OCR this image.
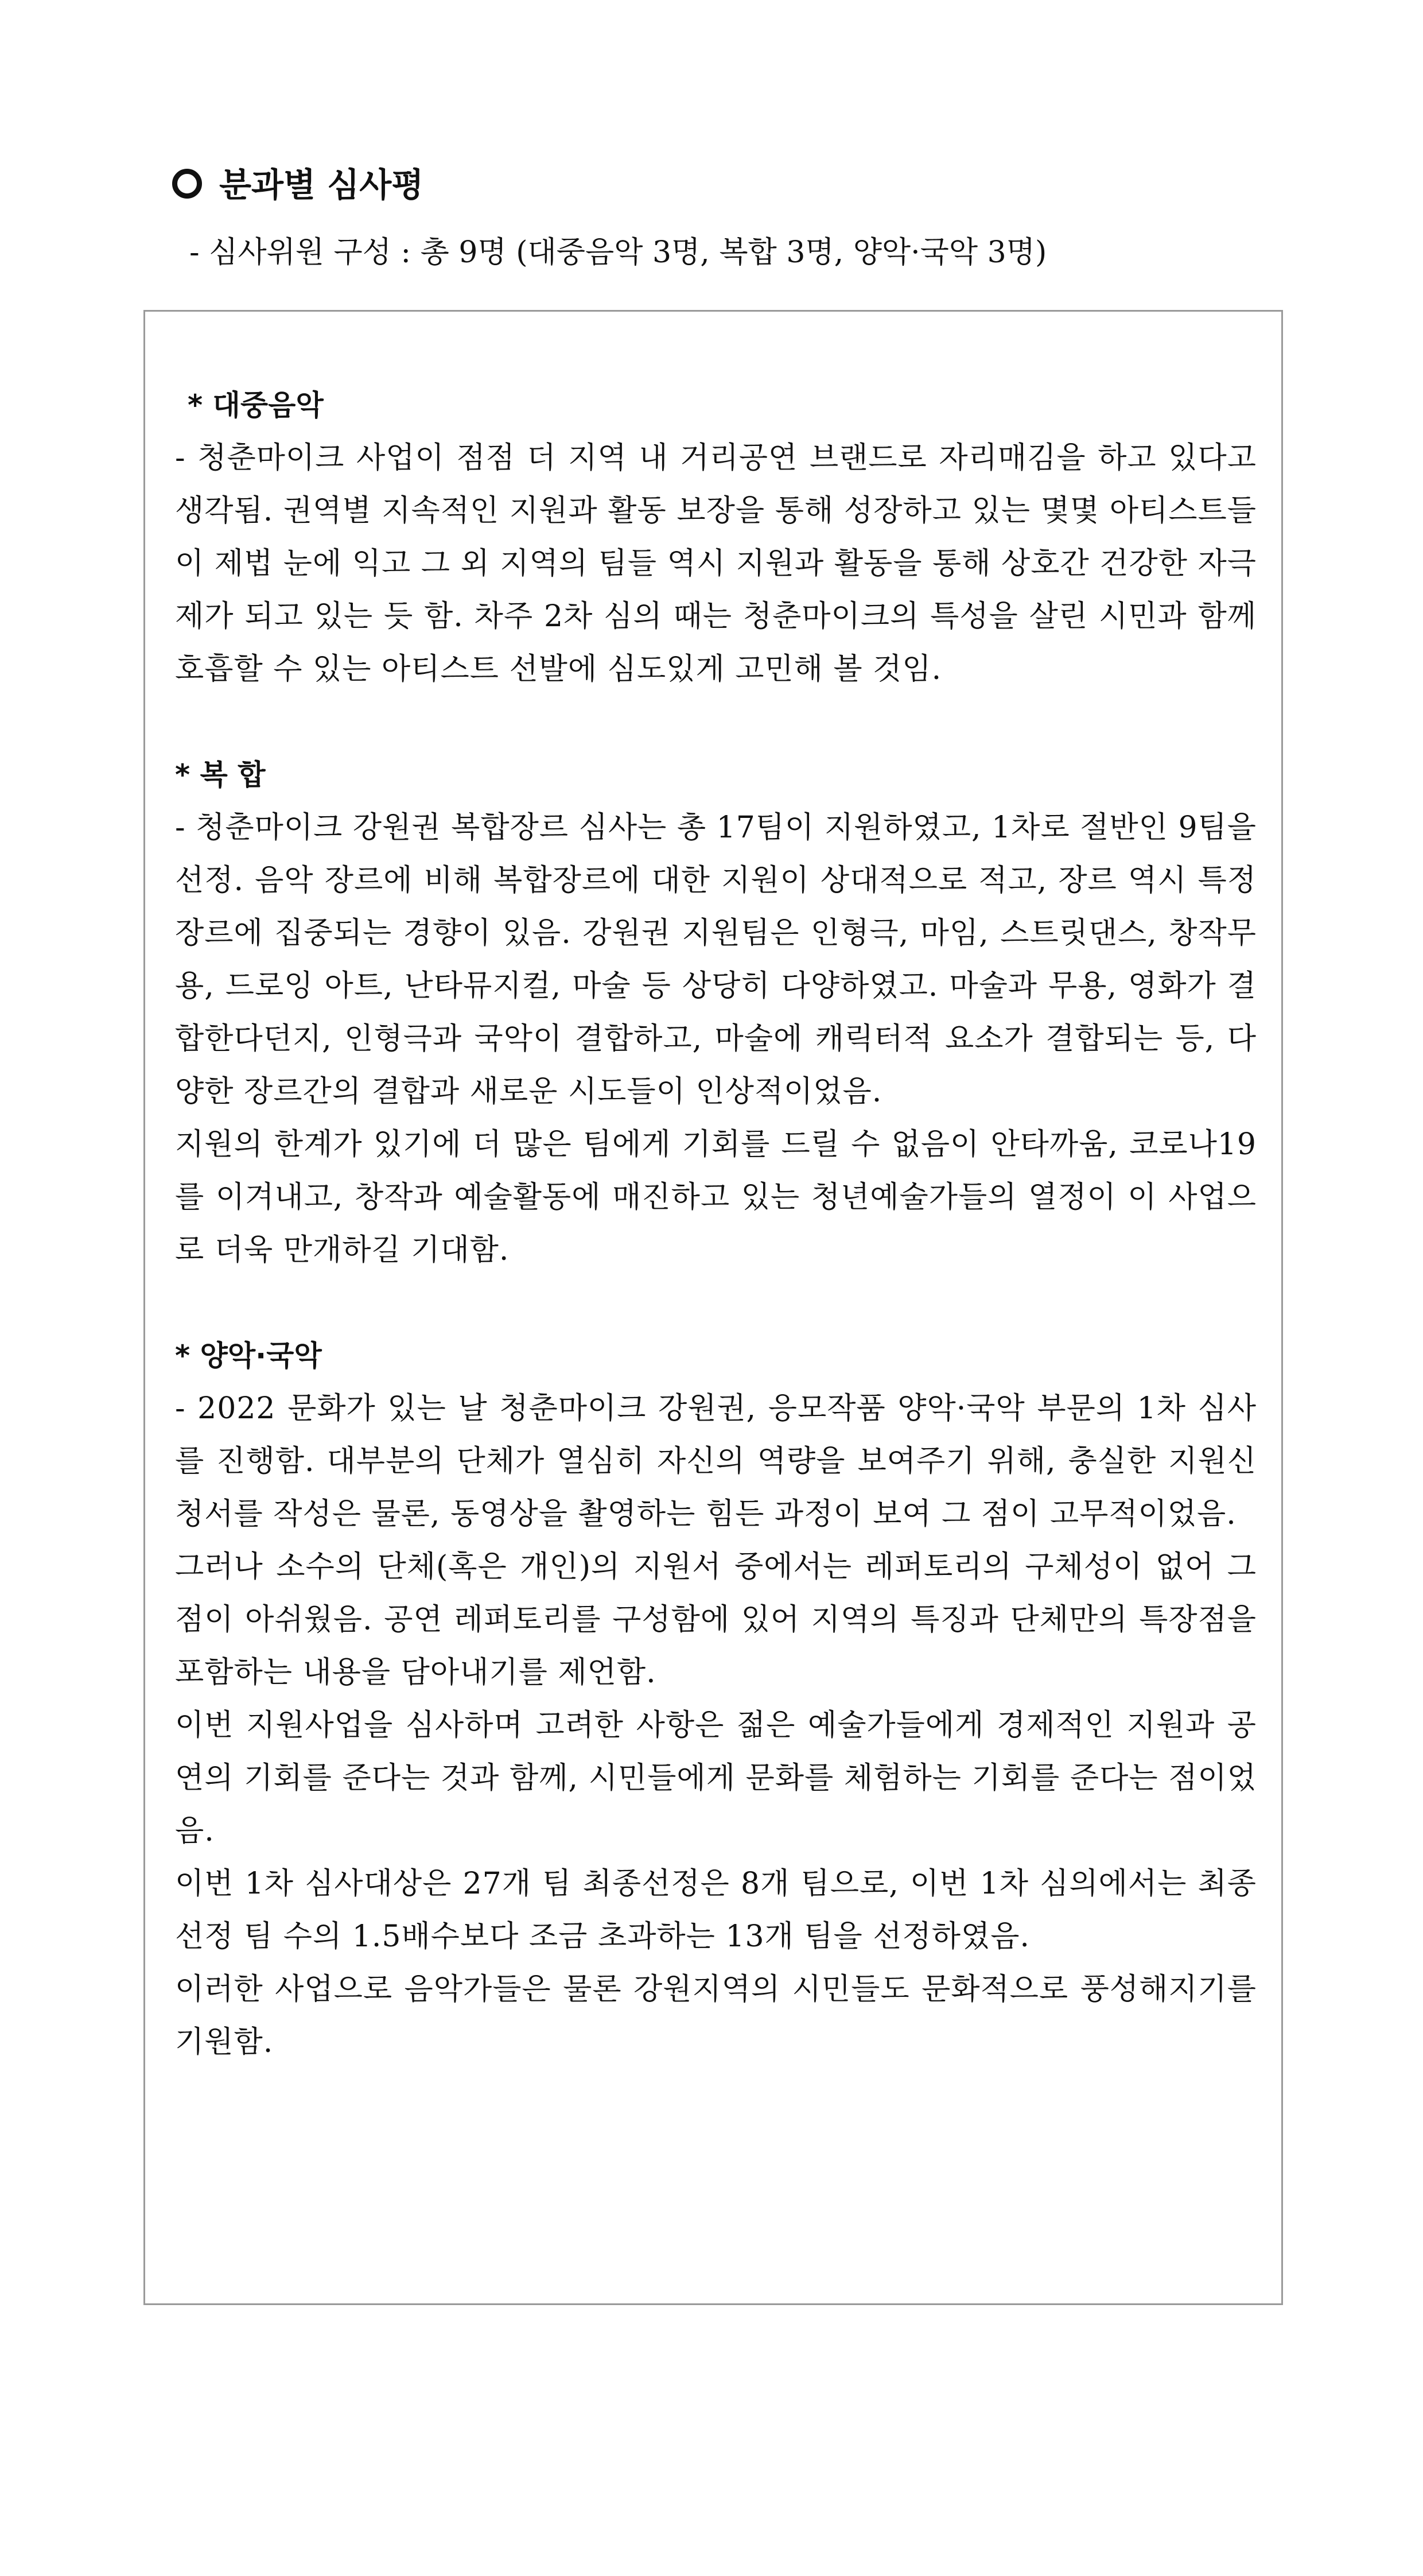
분과별 심사평
- 심사위원 구성 : 총 9명 (대중음악 3명, 복합 3명, 양악·국악 3명)
* 대중음악
- 청춘마이크 사업이 점점 더 지역 내 거리공연 브랜드로 자리매김을 하고 있다고 생각됨. 권역별 지속적인 지원과 활동 보장을 통해 성장하고 있는 몇몇 아티스트들이 제법 눈에 익고 그 외 지역의 팀들 역시 지원과 활동을 통해 상호간 건강한 자극제가 되고 있는 듯 함. 차주 2차 심의 때는 청춘마이크의 특성을 살린 시민과 함께 호흡할 수 있는 아티스트 선발에 심도있게 고민해 볼 것임.
* 복 합
- 청춘마이크 강원권 복합장르 심사는 총 17팀이 지원하였고, 1차로 절반인 9팀을 선정. 음악 장르에 비해 복합장르에 대한 지원이 상대적으로 적고, 장르 역시 특정 장르에 집중되는 경향이 있음. 강원권 지원팀은 인형극, 마임, 스트릿댄스, 창작무용, 드로잉 아트, 난타뮤지컬, 마술 등 상당히 다양하였고. 마술과 무용, 영화가 결합한다던지, 인형극과 국악이 결합하고, 마술에 캐릭터적 요소가 결합되는 등, 다양한 장르간의 결합과 새로운 시도들이 인상적이었음.
지원의 한계가 있기에 더 많은 팀에게 기회를 드릴 수 없음이 안타까움, 코로나19를 이겨내고, 창작과 예술활동에 매진하고 있는 청년예술가들의 열정이 이 사업으로 더욱 만개하길 기대함.
* 양악·국악
- 2022 문화가 있는 날 청춘마이크 강원권, 응모작품 양악·국악 부문의 1차 심사를 진행함. 대부분의 단체가 열심히 자신의 역량을 보여주기 위해, 충실한 지원신청서를 작성은 물론, 동영상을 촬영하는 힘든 과정이 보여 그 점이 고무적이었음.
그러나 소수의 단체(혹은 개인)의 지원서 중에서는 레퍼토리의 구체성이 없어 그 점이 아쉬웠음. 공연 레퍼토리를 구성함에 있어 지역의 특징과 단체만의 특장점을 포함하는 내용을 담아내기를 제언함.
이번 지원사업을 심사하며 고려한 사항은 젊은 예술가들에게 경제적인 지원과 공연의 기회를 준다는 것과 함께, 시민들에게 문화를 체험하는 기회를 준다는 점이었음.
이번 1차 심사대상은 27개 팀 최종선정은 8개 팀으로, 이번 1차 심의에서는 최종선정 팀 수의 1.5배수보다 조금 초과하는 13개 팀을 선정하였음.
이러한 사업으로 음악가들은 물론 강원지역의 시민들도 문화적으로 풍성해지기를 기원함.
